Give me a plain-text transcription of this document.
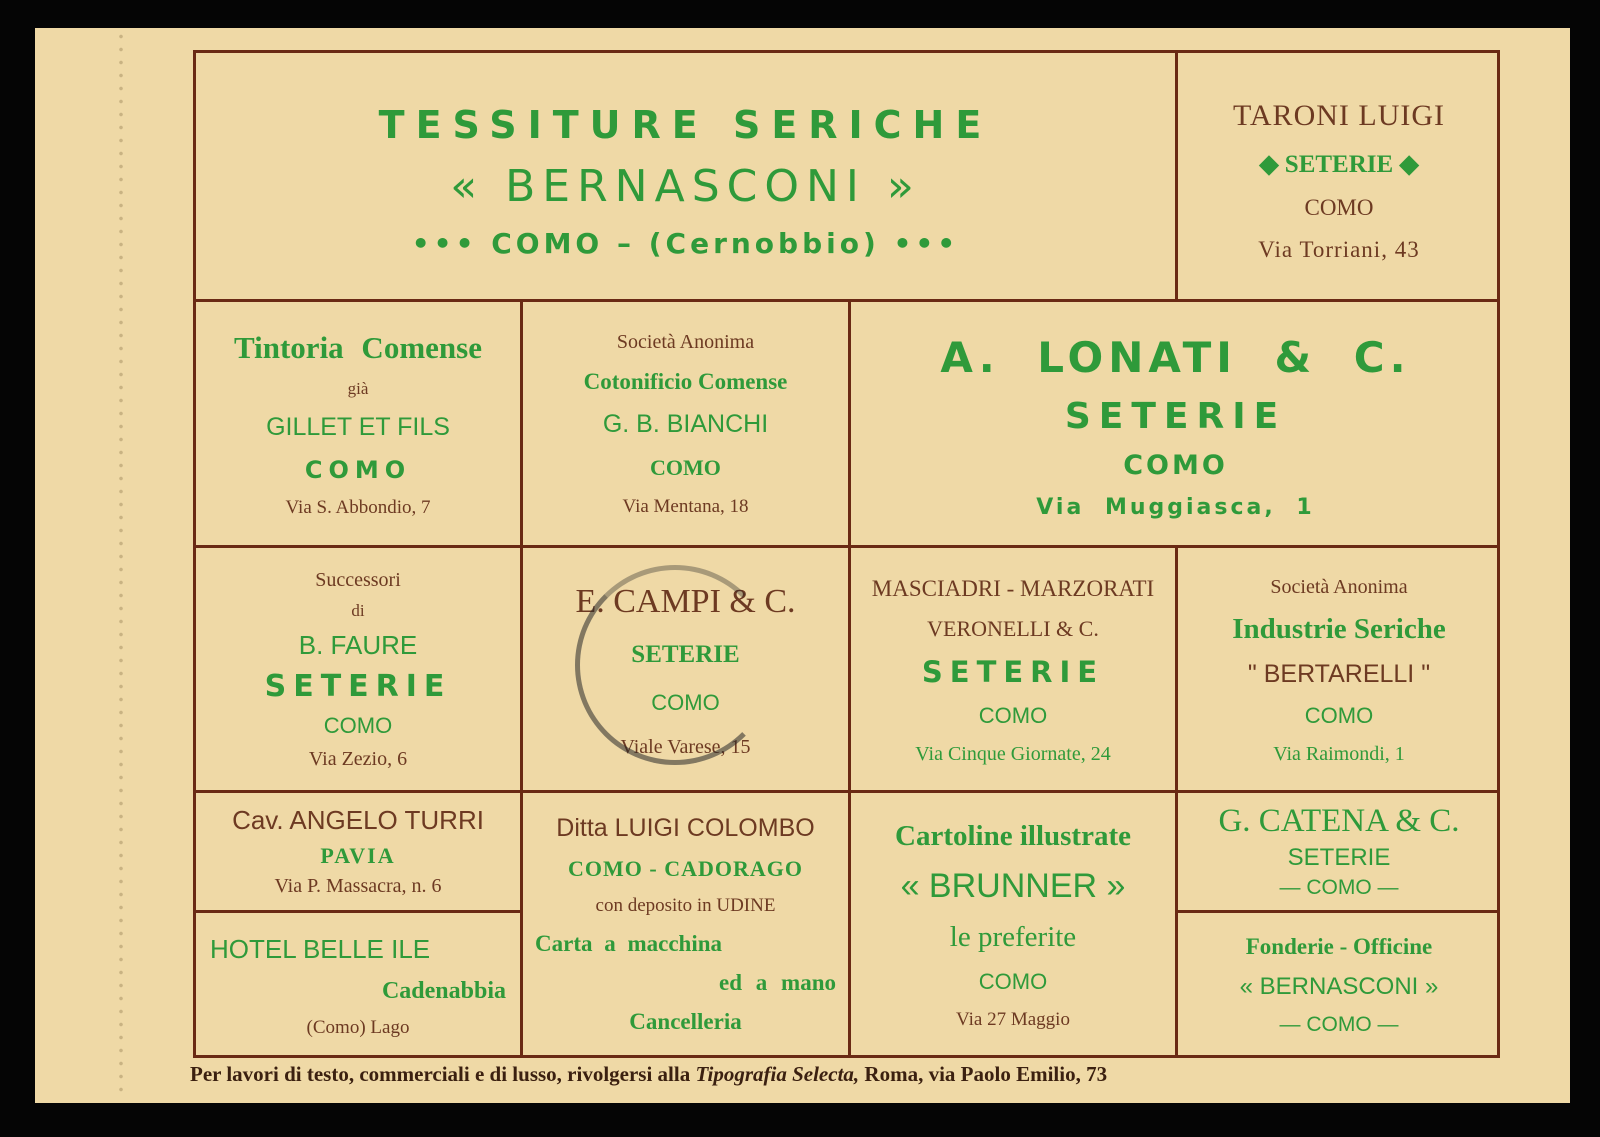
TESSITURE SERICHE
« BERNASCONI »
••• COMO – (Cernobbio) •••
TARONI LUIGI
◆ SETERIE ◆
COMO
Via Torriani, 43
Tintoria Comense
già
GILLET ET FILS
COMO
Via S. Abbondio, 7
Società Anonima
Cotonificio Comense
G. B. BIANCHI
COMO
Via Mentana, 18
A. LONATI & C.
SETERIE
COMO
Via Muggiasca, 1
Successori
di
B. FAURE
SETERIE
COMO
Via Zezio, 6
E. CAMPI & C.
SETERIE
COMO
Viale Varese, 15
MASCIADRI - MARZORATI
VERONELLI & C.
SETERIE
COMO
Via Cinque Giornate, 24
Società Anonima
Industrie Seriche
" BERTARELLI "
COMO
Via Raimondi, 1
Cav. ANGELO TURRI
PAVIA
Via P. Massacra, n. 6
HOTEL BELLE ILE
Cadenabbia
(Como) Lago
Ditta LUIGI COLOMBO
COMO - CADORAGO
con deposito in UDINE
Carta a macchina
ed a mano
Cancelleria
Cartoline illustrate
« BRUNNER »
le preferite
COMO
Via 27 Maggio
G. CATENA & C.
SETERIE
— COMO —
Fonderie - Officine
« BERNASCONI »
— COMO —
Per lavori di testo, commerciali e di lusso, rivolgersi alla Tipografia Selecta, Roma, via Paolo Emilio, 73
